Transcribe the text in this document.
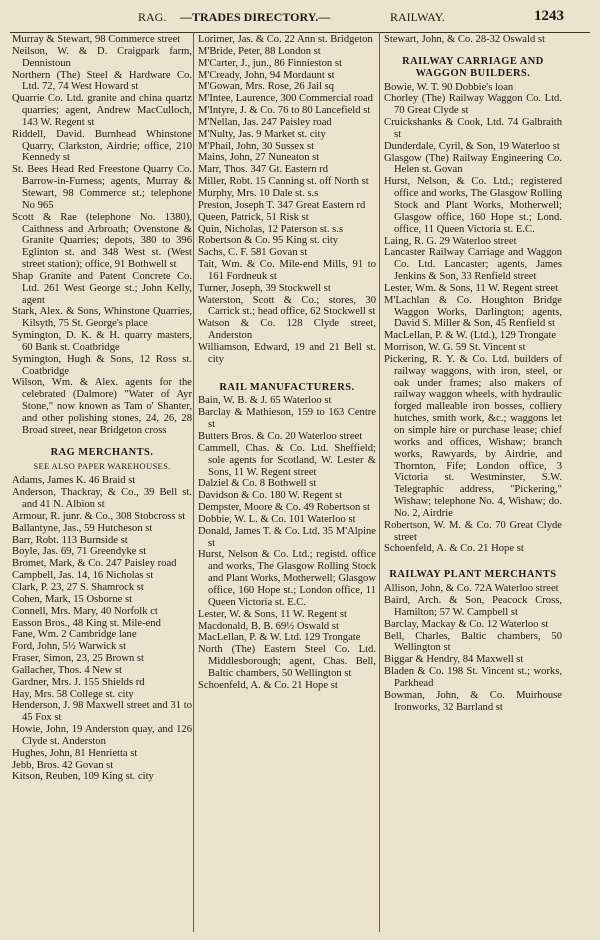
RAG. —TRADES DIRECTORY.—	RAILWAY.	1243

Murray & Stewart, 98 Commerce street

Neilson, W. & D. Craigpark farm, Dennistoun

Northern (The) Steel & Hardware Co. Ltd. 72, 74 West Howard st

Quarrie Co. Ltd. granite and china quartz quarries; agent, Andrew MacCulloch, 143 W. Regent st

Riddell, David. Burnhead Whinstone Quarry, Clarkston, Airdrie; office, 210 Kennedy st

St. Bees Head Red Freestone Quarry Co. Barrow-in-Furness; agents, Murray & Stewart, 98 Commerce st.; telephone No 965

Scott & Rae (telephone No. 1380), Caithness and Arbroath; Ovenstone & Granite Quarries; depots, 380 to 396 Eglinton st. and 348 West st. (West street station); office, 91 Bothwell st

Shap Granite and Patent Concrete Co. Ltd. 261 West George st.; John Kelly, agent

Stark, Alex. & Sons, Whinstone Quarries, Kilsyth, 75 St. George's place

Symington, D. K. & H. quarry masters, 60 Bank st. Coatbridge

Symington, Hugh & Sons, 12 Ross st. Coatbridge

Wilson, Wm. & Alex. agents for the celebrated (Dalmore) "Water of Ayr Stone," now known as Tam o' Shanter, and other polishing stones, 24, 26, 28 Broad street, near Bridgeton cross

RAG MERCHANTS.

SEE ALSO PAPER WAREHOUSES.

Adams, James K. 46 Braid st

Anderson, Thackray, & Co., 39 Bell st. and 41 N. Albion st

Armour, R. junr. & Co., 308 Stobcross st

Ballantyne, Jas., 59 Hutcheson st

Barr, Robt. 113 Burnside st

Boyle, Jas. 69, 71 Greendyke st

Bromet, Mark, & Co. 247 Paisley road

Campbell, Jas. 14, 16 Nicholas st

Clark, P. 23, 27 S. Shamrock st

Cohen, Mark, 15 Osborne st

Connell, Mrs. Mary, 40 Norfolk ct

Easson Bros., 48 King st. Mile-end

Fane, Wm. 2 Cambridge lane

Ford, John, 5½ Warwick st

Fraser, Simon, 23, 25 Brown st

Gallacher, Thos. 4 New st

Gardner, Mrs. J. 155 Shields rd

Hay, Mrs. 58 College st. city

Henderson, J. 98 Maxwell street and 31 to 45 Fox st

Howie, John, 19 Anderston quay, and 126 Clyde st. Anderston

Hughes, John, 81 Henrietta st

Jebb, Bros. 42 Govan st

Kitson, Reuben, 109 King st. city

Lorimer, Jas. & Co. 22 Ann st. Bridgeton

M'Bride, Peter, 88 London st

M'Carter, J., jun., 86 Finnieston st

M'Cready, John, 94 Mordaunt st

M'Gowan, Mrs. Rose, 26 Jail sq

M'Intee, Laurence, 300 Commercial road

M'Intyre, J. & Co. 76 to 80 Lancefield st

M'Nellan, Jas. 247 Paisley road

M'Nulty, Jas. 9 Market st. city

M'Phail, John, 30 Sussex st

Mains, John, 27 Nuneaton st

Marr, Thos. 347 Gt. Eastern rd

Miller, Robt. 15 Canning st. off North st

Murphy, Mrs. 10 Dale st. s.s

Preston, Joseph T. 347 Great Eastern rd

Queen, Patrick, 51 Risk st

Quin, Nicholas, 12 Paterson st. s.s

Robertson & Co. 95 King st. city

Sachs, C. F. 581 Govan st

Tait, Wm. & Co. Mile-end Mills, 91 to 161 Fordneuk st

Turner, Joseph, 39 Stockwell st

Waterston, Scott & Co.; stores, 30 Carrick st.; head office, 62 Stockwell st

Watson & Co. 128 Clyde street, Anderston

Williamson, Edward, 19 and 21 Bell st. city

RAIL MANUFACTURERS.

Bain, W. B. & J. 65 Waterloo st

Barclay & Mathieson, 159 to 163 Centre st

Butters Bros. & Co. 20 Waterloo street

Cammell, Chas. & Co. Ltd. Sheffield; sole agents for Scotland, W. Lester & Sons, 11 W. Regent street

Dalziel & Co. 8 Bothwell st

Davidson & Co. 180 W. Regent st

Dempster, Moore & Co. 49 Robertson st

Dobbie, W. L. & Co. 101 Waterloo st

Donald, James T. & Co. Ltd. 35 M'Alpine st

Hurst, Nelson & Co. Ltd.; registd. office and works, The Glasgow Rolling Stock and Plant Works, Motherwell; Glasgow office, 160 Hope st.; London office, 11 Queen Victoria st. E.C.

Lester, W. & Sons, 11 W. Regent st

Macdonald, B. B. 69½ Oswald st

MacLellan, P. & W. Ltd. 129 Trongate

North (The) Eastern Steel Co. Ltd. Middlesborough; agent, Chas. Bell, Baltic chambers, 50 Wellington st

Schoenfeld, A. & Co. 21 Hope st

Stewart, John, & Co. 28-32 Oswald st

RAILWAY CARRIAGE AND WAGGON BUILDERS.

Bowie, W. T. 90 Dobbie's loan

Chorley (The) Railway Waggon Co. Ltd. 70 Great Clyde st

Cruickshanks & Cook, Ltd. 74 Galbraith st

Dunderdale, Cyril, & Son, 19 Waterloo st

Glasgow (The) Railway Engineering Co. Helen st. Govan

Hurst, Nelson, & Co. Ltd.; registered office and works, The Glasgow Rolling Stock and Plant Works, Motherwell; Glasgow office, 160 Hope st.; Lond. office, 11 Queen Victoria st. E.C.

Laing, R. G. 29 Waterloo street

Lancaster Railway Carriage and Waggon Co. Ltd. Lancaster; agents, James Jenkins & Son, 33 Renfield street

Lester, Wm. & Sons, 11 W. Regent street

M'Lachlan & Co. Houghton Bridge Waggon Works, Darlington; agents, David S. Miller & Son, 45 Renfield st

MacLellan, P. & W. (Ltd.), 129 Trongate

Morrison, W. G. 59 St. Vincent st

Pickering, R. Y. & Co. Ltd. builders of railway waggons, with iron, steel, or oak under frames; also makers of railway waggon wheels, with hydraulic forged malleable iron bosses, colliery hutches, smith work, &c.; waggons let on simple hire or purchase lease; chief works and offices, Wishaw; branch works, Rawyards, by Airdrie, and Thornton, Fife; London office, 3 Victoria st. Westminster, S.W. Telegraphic address, "Pickering," Wishaw; telephone No. 4, Wishaw; do. No. 2, Airdrie

Robertson, W. M. & Co. 70 Great Clyde street

Schoenfeld, A. & Co. 21 Hope st

RAILWAY PLANT MERCHANTS

Allison, John, & Co. 72A Waterloo street

Baird, Arch. & Son, Peacock Cross, Hamilton; 57 W. Campbell st

Barclay, Mackay & Co. 12 Waterloo st

Bell, Charles, Baltic chambers, 50 Wellington st

Biggar & Hendry, 84 Maxwell st

Bladen & Co. 198 St. Vincent st.; works, Parkhead

Bowman, John, & Co. Muirhouse Ironworks, 32 Barrland st
